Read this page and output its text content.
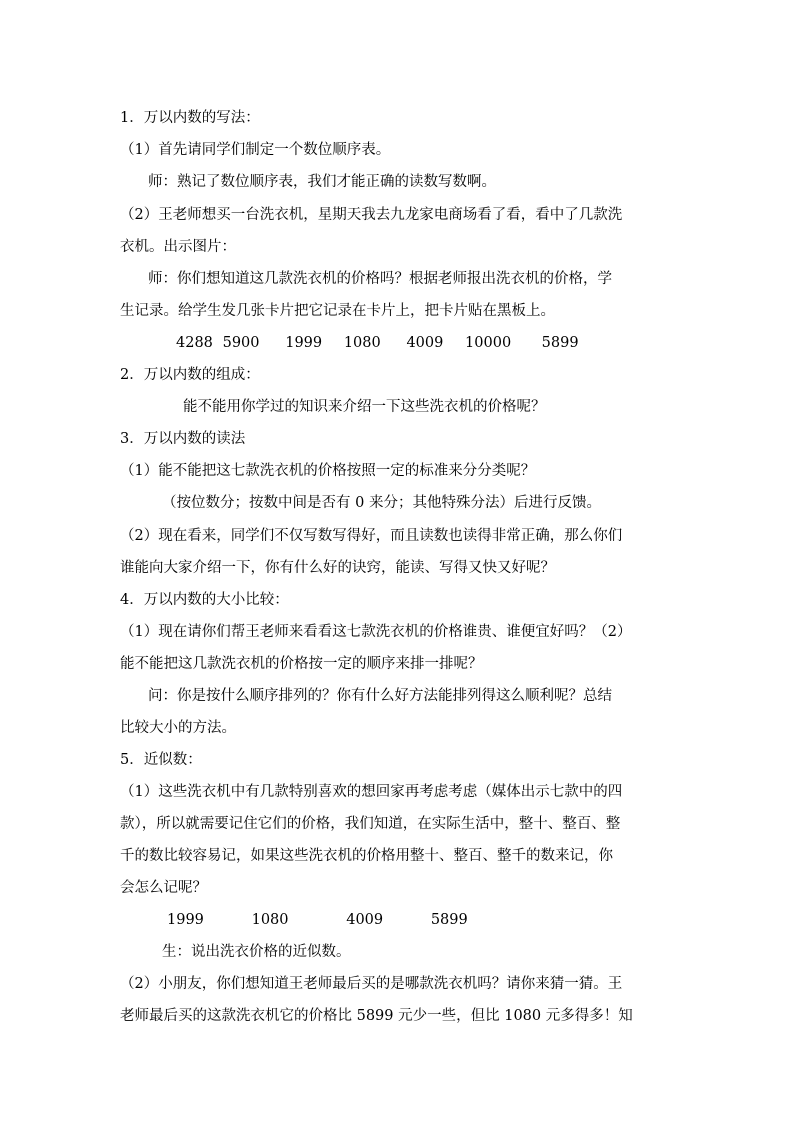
1．万以内数的写法：
（1）首先请同学们制定一个数位顺序表。
师：熟记了数位顺序表，我们才能正确的读数写数啊。
（2）王老师想买一台洗衣机，星期天我去九龙家电商场看了看，看中了几款洗
衣机。出示图片：
师：你们想知道这几款洗衣机的价格吗？根据老师报出洗衣机的价格，学
生记录。给学生发几张卡片把它记录在卡片上，把卡片贴在黑板上。
4288 5900 1999 1080 4009 10000 5899
2．万以内数的组成：
能不能用你学过的知识来介绍一下这些洗衣机的价格呢？
3．万以内数的读法
（1）能不能把这七款洗衣机的价格按照一定的标准来分分类呢？
（按位数分；按数中间是否有 0 来分；其他特殊分法）后进行反馈。
（2）现在看来，同学们不仅写数写得好，而且读数也读得非常正确，那么你们
谁能向大家介绍一下，你有什么好的诀窍，能读、写得又快又好呢？
4．万以内数的大小比较：
（1）现在请你们帮王老师来看看这七款洗衣机的价格谁贵、谁便宜好吗？（2）
能不能把这几款洗衣机的价格按一定的顺序来排一排呢？
问：你是按什么顺序排列的？你有什么好方法能排列得这么顺利呢？总结
比较大小的方法。
5．近似数：
（1）这些洗衣机中有几款特别喜欢的想回家再考虑考虑（媒体出示七款中的四
款），所以就需要记住它们的价格，我们知道，在实际生活中，整十、整百、整
千的数比较容易记，如果这些洗衣机的价格用整十、整百、整千的数来记，你
会怎么记呢？
1999	1080	4009	5899
生：说出洗衣价格的近似数。
（2）小朋友，你们想知道王老师最后买的是哪款洗衣机吗？请你来猜一猜。王
老师最后买的这款洗衣机它的价格比 5899 元少一些，但比 1080 元多得多！知
